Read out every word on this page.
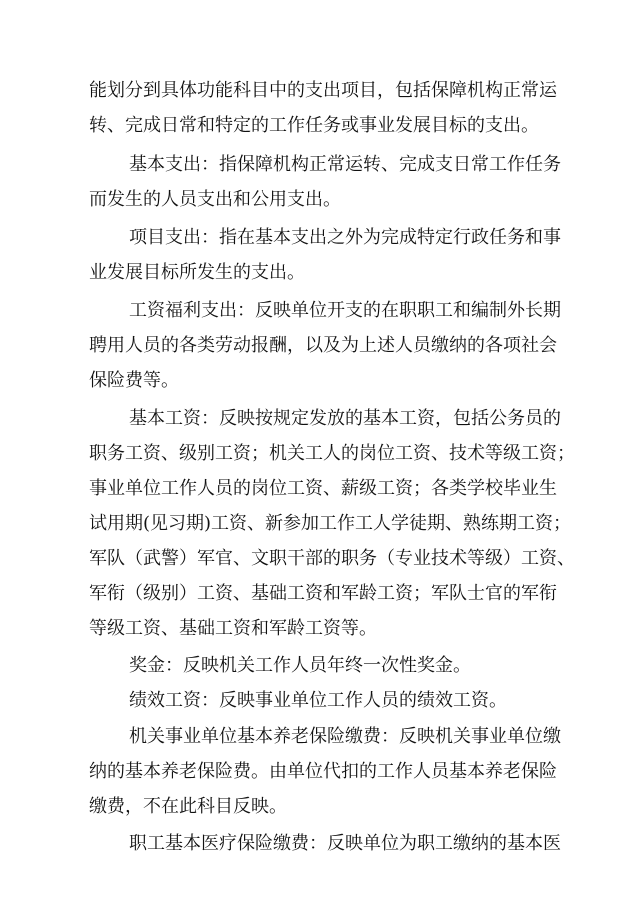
能划分到具体功能科目中的支出项目，包括保障机构正常运
转、完成日常和特定的工作任务或事业发展目标的支出。
基本支出：指保障机构正常运转、完成支日常工作任务
而发生的人员支出和公用支出。
项目支出：指在基本支出之外为完成特定行政任务和事
业发展目标所发生的支出。
工资福利支出：反映单位开支的在职职工和编制外长期
聘用人员的各类劳动报酬，以及为上述人员缴纳的各项社会
保险费等。
基本工资：反映按规定发放的基本工资，包括公务员的
职务工资、级别工资；机关工人的岗位工资、技术等级工资；
事业单位工作人员的岗位工资、薪级工资；各类学校毕业生
试用期(见习期)工资、新参加工作工人学徒期、熟练期工资；
军队（武警）军官、文职干部的职务（专业技术等级）工资、
军衔（级别）工资、基础工资和军龄工资；军队士官的军衔
等级工资、基础工资和军龄工资等。
奖金：反映机关工作人员年终一次性奖金。
绩效工资：反映事业单位工作人员的绩效工资。
机关事业单位基本养老保险缴费：反映机关事业单位缴
纳的基本养老保险费。由单位代扣的工作人员基本养老保险
缴费，不在此科目反映。
职工基本医疗保险缴费：反映单位为职工缴纳的基本医
